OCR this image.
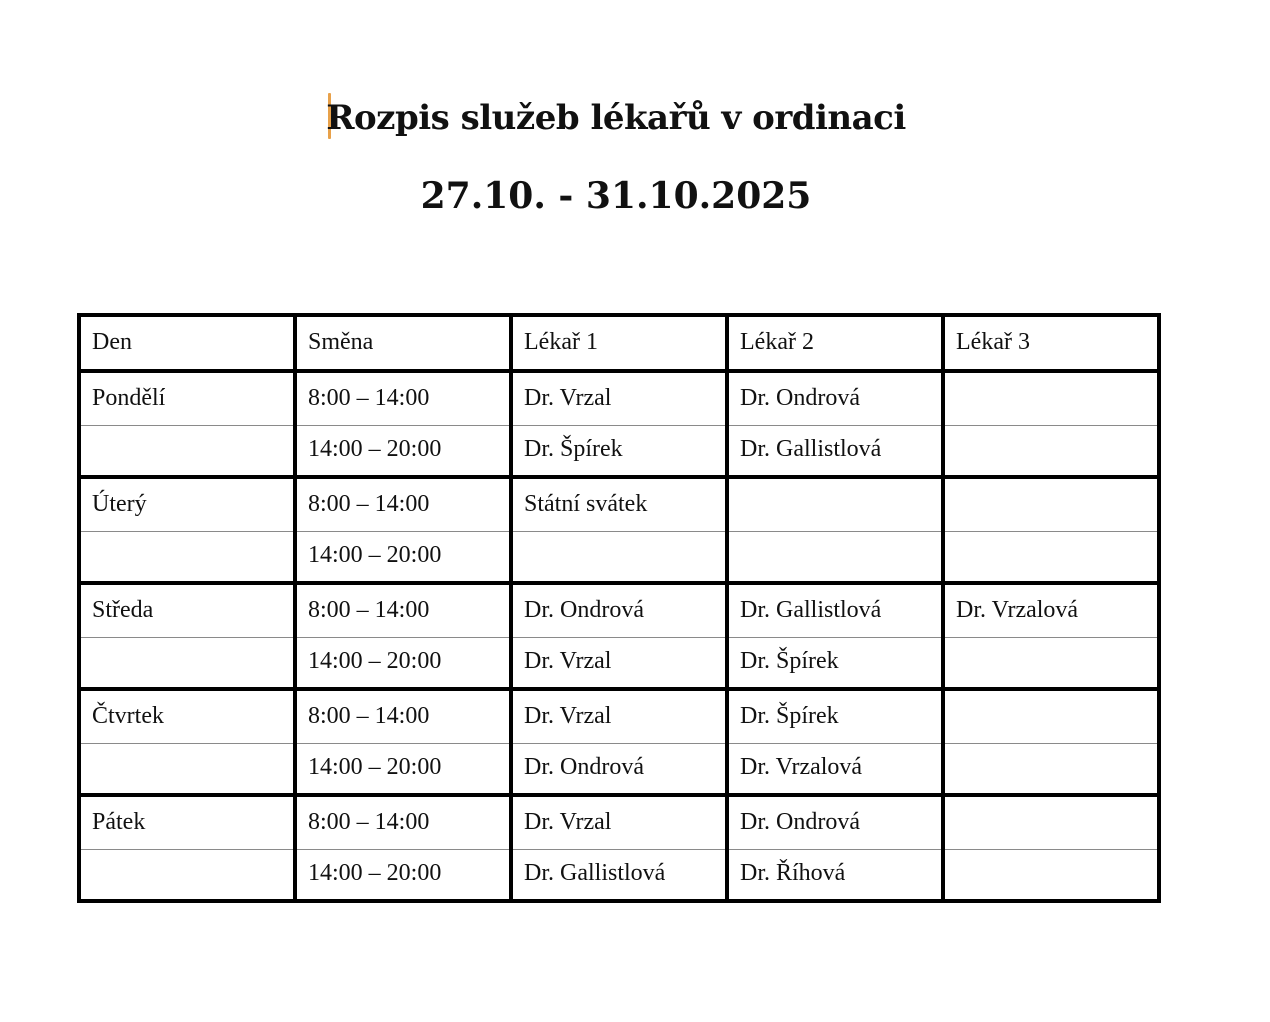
Rozpis služeb lékařů v ordinaci
27.10. - 31.10.2025
Den	Směna	Lékař 1	Lékař 2	Lékař 3
Pondělí	8:00 – 14:00	Dr. Vrzal	Dr. Ondrová	
	14:00 – 20:00	Dr. Špírek	Dr. Gallistlová	
Úterý	8:00 – 14:00	Státní svátek		
	14:00 – 20:00			
Středa	8:00 – 14:00	Dr. Ondrová	Dr. Gallistlová	Dr. Vrzalová
	14:00 – 20:00	Dr. Vrzal	Dr. Špírek	
Čtvrtek	8:00 – 14:00	Dr. Vrzal	Dr. Špírek	
	14:00 – 20:00	Dr. Ondrová	Dr. Vrzalová	
Pátek	8:00 – 14:00	Dr. Vrzal	Dr. Ondrová	
	14:00 – 20:00	Dr. Gallistlová	Dr. Říhová	
